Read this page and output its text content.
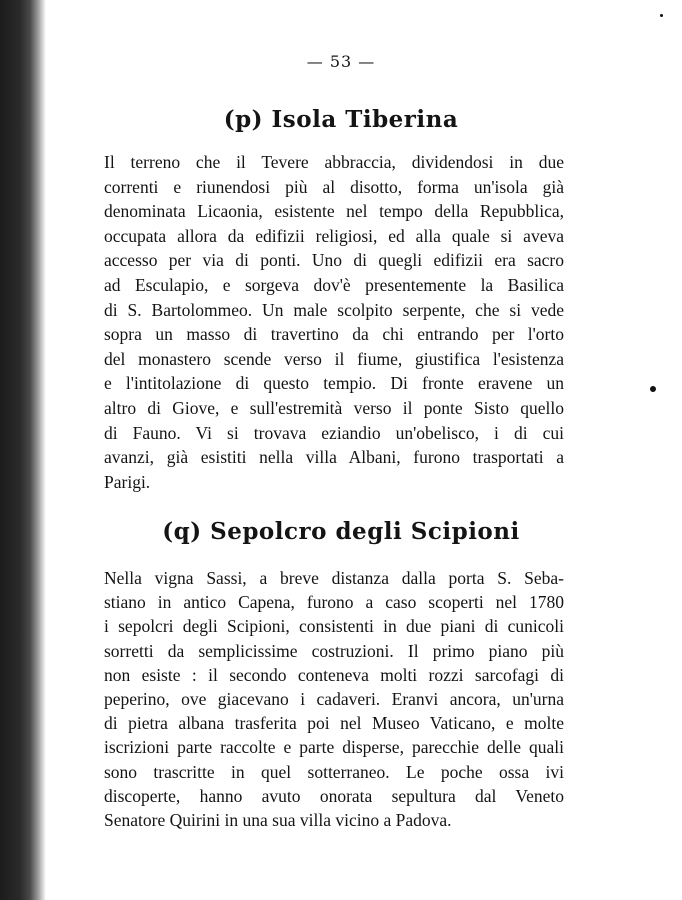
— 53 —
(p) Isola Tiberina
Il terreno che il Tevere abbraccia, dividendosi in due
correnti e riunendosi più al disotto, forma un'isola già
denominata Licaonia, esistente nel tempo della Repubblica,
occupata allora da edifizii religiosi, ed alla quale si aveva
accesso per via di ponti. Uno di quegli edifizii era sacro
ad Esculapio, e sorgeva dov'è presentemente la Basilica
di S. Bartolommeo. Un male scolpito serpente, che si vede
sopra un masso di travertino da chi entrando per l'orto
del monastero scende verso il fiume, giustifica l'esistenza
e l'intitolazione di questo tempio. Di fronte eravene un
altro di Giove, e sull'estremità verso il ponte Sisto quello
di Fauno. Vi si trovava eziandio un'obelisco, i di cui
avanzi, già esistiti nella villa Albani, furono trasportati a
Parigi.
(q) Sepolcro degli Scipioni
Nella vigna Sassi, a breve distanza dalla porta S. Seba-
stiano in antico Capena, furono a caso scoperti nel 1780
i sepolcri degli Scipioni, consistenti in due piani di cunicoli
sorretti da semplicissime costruzioni. Il primo piano più
non esiste : il secondo conteneva molti rozzi sarcofagi di
peperino, ove giacevano i cadaveri. Eranvi ancora, un'urna
di pietra albana trasferita poi nel Museo Vaticano, e molte
iscrizioni parte raccolte e parte disperse, parecchie delle quali
sono trascritte in quel sotterraneo. Le poche ossa ivi
discoperte, hanno avuto onorata sepultura dal Veneto
Senatore Quirini in una sua villa vicino a Padova.
